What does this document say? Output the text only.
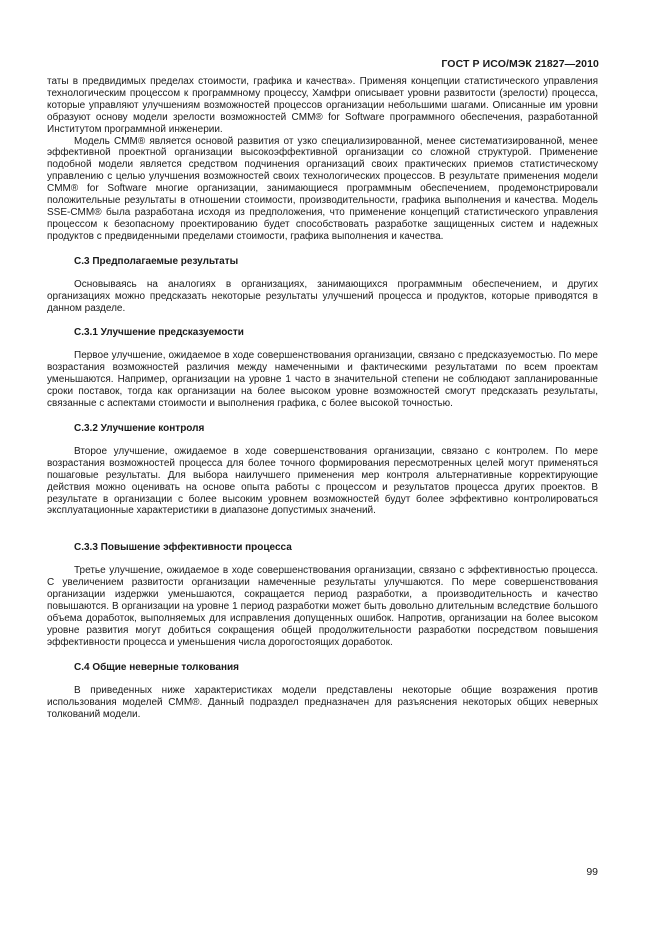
ГОСТ Р ИСО/МЭК 21827—2010

таты в предвидимых пределах стоимости, графика и качества». Применяя концепции статистического управления технологическим процессом к программному процессу, Хамфри описывает уровни развитости (зрелости) процесса, которые управляют улучшениям возможностей процессов организации небольшими шагами. Описанные им уровни образуют основу модели зрелости возможностей CMM® for Software программного обеспечения, разработанной Институтом программной инженерии.

Модель CMM® является основой развития от узко специализированной, менее систематизированной, менее эффективной проектной организации высокоэффективной организации со сложной структурой. Применение подобной модели является средством подчинения организаций своих практических приемов статистическому управлению с целью улучшения возможностей своих технологических процессов. В результате применения модели CMM® for Software многие организации, занимающиеся программным обеспечением, продемонстрировали положительные результаты в отношении стоимости, производительности, графика выполнения и качества. Модель SSE-CMM® была разработана исходя из предположения, что применение концепций статистического управления процессом к безопасному проектированию будет способствовать разработке защищенных систем и надежных продуктов с предвиденными пределами стоимости, графика выполнения и качества.

С.3 Предполагаемые результаты

Основываясь на аналогиях в организациях, занимающихся программным обеспечением, и других организациях можно предсказать некоторые результаты улучшений процесса и продуктов, которые приводятся в данном разделе.

С.3.1 Улучшение предсказуемости

Первое улучшение, ожидаемое в ходе совершенствования организации, связано с предсказуемостью. По мере возрастания возможностей различия между намеченными и фактическими результатами по всем проектам уменьшаются. Например, организации на уровне 1 часто в значительной степени не соблюдают запланированные сроки поставок, тогда как организации на более высоком уровне возможностей смогут предсказать результаты, связанные с аспектами стоимости и выполнения графика, с более высокой точностью.

С.3.2 Улучшение контроля

Второе улучшение, ожидаемое в ходе совершенствования организации, связано с контролем. По мере возрастания возможностей процесса для более точного формирования пересмотренных целей могут применяться пошаговые результаты. Для выбора наилучшего применения мер контроля альтернативные корректирующие действия можно оценивать на основе опыта работы с процессом и результатов процесса других проектов. В результате в организации с более высоким уровнем возможностей будут более эффективно контролироваться эксплуатационные характеристики в диапазоне допустимых значений.

С.3.3 Повышение эффективности процесса

Третье улучшение, ожидаемое в ходе совершенствования организации, связано с эффективностью процесса. С увеличением развитости организации намеченные результаты улучшаются. По мере совершенствования организации издержки уменьшаются, сокращается период разработки, а производительность и качество повышаются. В организации на уровне 1 период разработки может быть довольно длительным вследствие большого объема доработок, выполняемых для исправления допущенных ошибок. Напротив, организации на более высоком уровне развития могут добиться сокращения общей продолжительности разработки посредством повышения эффективности процесса и уменьшения числа дорогостоящих доработок.

С.4 Общие неверные толкования

В приведенных ниже характеристиках модели представлены некоторые общие возражения против использования моделей CMM®. Данный подраздел предназначен для разъяснения некоторых общих неверных толкований модели.

99
